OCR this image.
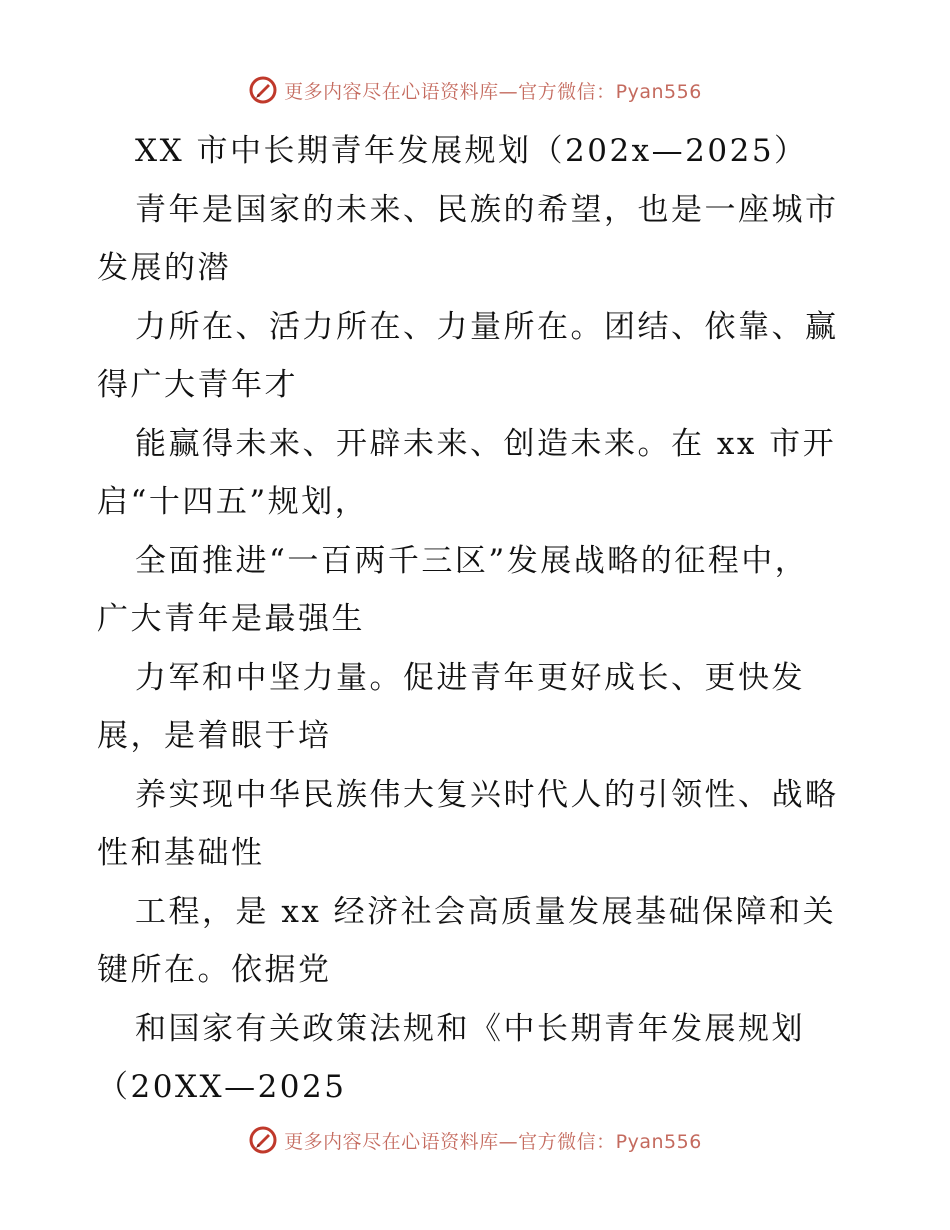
更多内容尽在心语资料库—官方微信：Pyan556
XX 市中长期青年发展规划（202x—2025）
青年是国家的未来、民族的希望，也是一座城市
发展的潜
力所在、活力所在、力量所在。团结、依靠、赢
得广大青年才
能赢得未来、开辟未来、创造未来。在 xx 市开
启“十四五”规划，
全面推进“一百两千三区”发展战略的征程中，
广大青年是最强生
力军和中坚力量。促进青年更好成长、更快发
展，是着眼于培
养实现中华民族伟大复兴时代人的引领性、战略
性和基础性
工程，是 xx 经济社会高质量发展基础保障和关
键所在。依据党
和国家有关政策法规和《中长期青年发展规划
（20XX—2025
更多内容尽在心语资料库—官方微信：Pyan556
